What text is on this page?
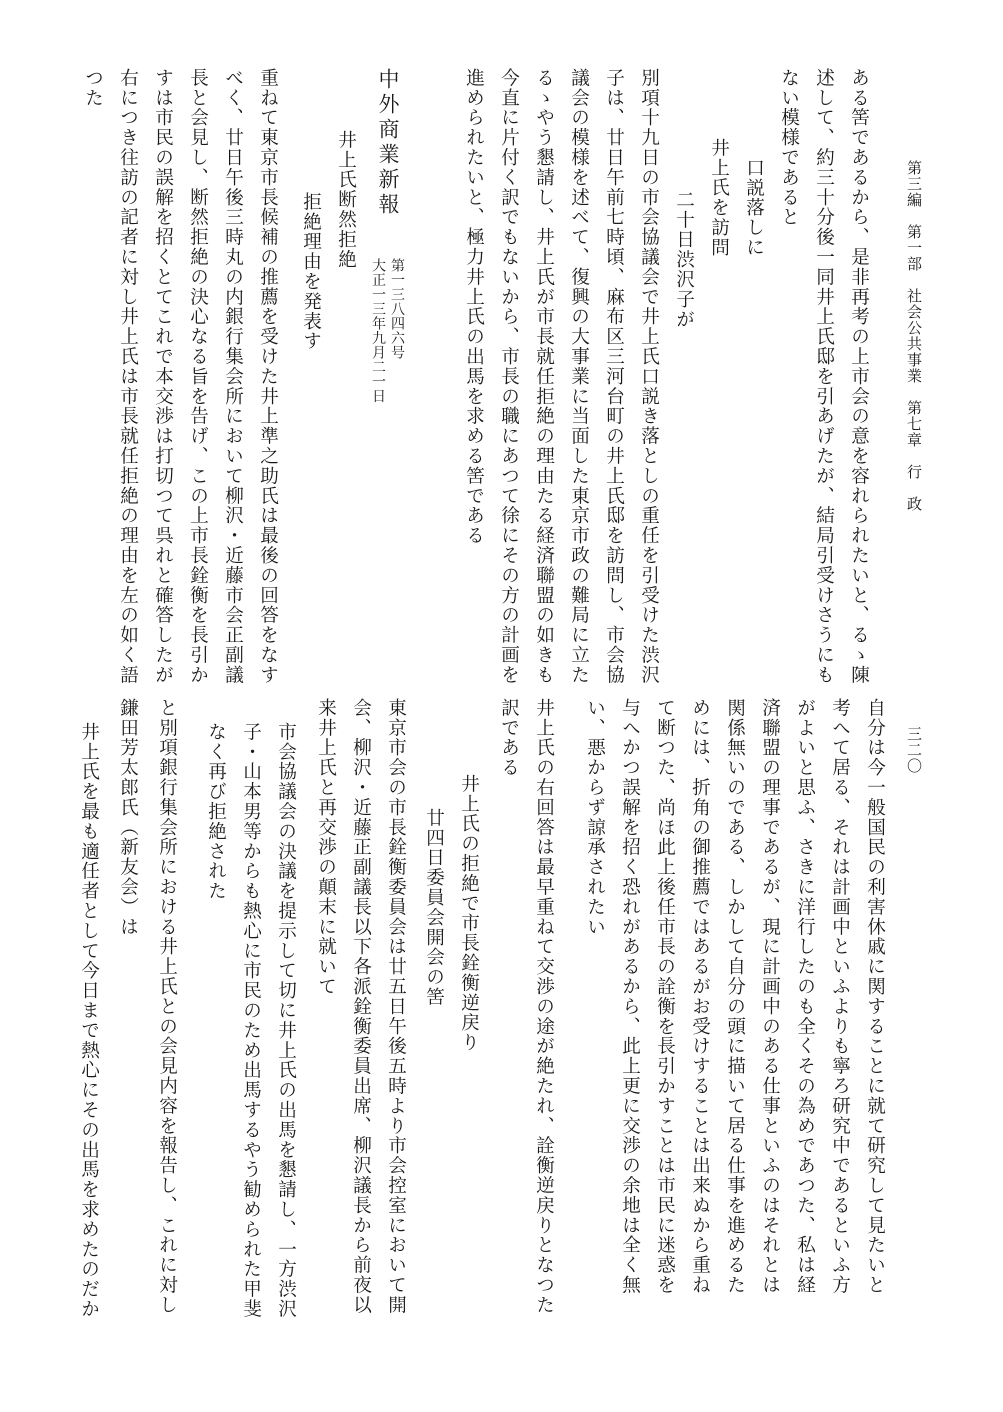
第三編　第一部　社会公共事業　第七章　行　政
三二〇
ある筈であるから、是非再考の上市会の意を容れられたいと、るゝ陳
述して、約三十分後一同井上氏邸を引あげたが、結局引受けさうにも
ない模様であると
口説落しに
井上氏を訪問
二十日渋沢子が
別項十九日の市会協議会で井上氏口説き落としの重任を引受けた渋沢
子は、廿日午前七時頃、麻布区三河台町の井上氏邸を訪問し、市会協
議会の模様を述べて、復興の大事業に当面した東京市政の難局に立た
るゝやう懇請し、井上氏が市長就任拒絶の理由たる経済聯盟の如きも
今直に片付く訳でもないから、市長の職にあつて徐にその方の計画を
進められたいと、極力井上氏の出馬を求める筈である
中外商業新報
第一三八四六号
大正一三年九月二一日
井上氏断然拒絶
拒絶理由を発表す
重ねて東京市長候補の推薦を受けた井上準之助氏は最後の回答をなす
べく、廿日午後三時丸の内銀行集会所において柳沢・近藤市会正副議
長と会見し、断然拒絶の決心なる旨を告げ、この上市長銓衡を長引か
すは市民の誤解を招くとてこれで本交渉は打切つて呉れと確答したが
右につき往訪の記者に対し井上氏は市長就任拒絶の理由を左の如く語
つた
自分は今一般国民の利害休戚に関することに就て研究して見たいと
考へて居る、それは計画中といふよりも寧ろ研究中であるといふ方
がよいと思ふ、さきに洋行したのも全くその為めであつた、私は経
済聯盟の理事であるが、現に計画中のある仕事といふのはそれとは
関係無いのである、しかして自分の頭に描いて居る仕事を進めるた
めには、折角の御推薦ではあるがお受けすることは出来ぬから重ね
て断つた、尚ほ此上後任市長の詮衡を長引かすことは市民に迷惑を
与へかつ誤解を招く恐れがあるから、此上更に交渉の余地は全く無
い、悪からず諒承されたい
井上氏の右回答は最早重ねて交渉の途が絶たれ、詮衡逆戻りとなつた
訳である
井上氏の拒絶で市長銓衡逆戻り
廿四日委員会開会の筈
東京市会の市長銓衡委員会は廿五日午後五時より市会控室において開
会、柳沢・近藤正副議長以下各派銓衡委員出席、柳沢議長から前夜以
来井上氏と再交渉の顛末に就いて
市会協議会の決議を提示して切に井上氏の出馬を懇請し、一方渋沢
子・山本男等からも熱心に市民のため出馬するやう勧められた甲斐
なく再び拒絶された
と別項銀行集会所における井上氏との会見内容を報告し、これに対し
鎌田芳太郎氏（新友会）は
井上氏を最も適任者として今日まで熱心にその出馬を求めたのだか
